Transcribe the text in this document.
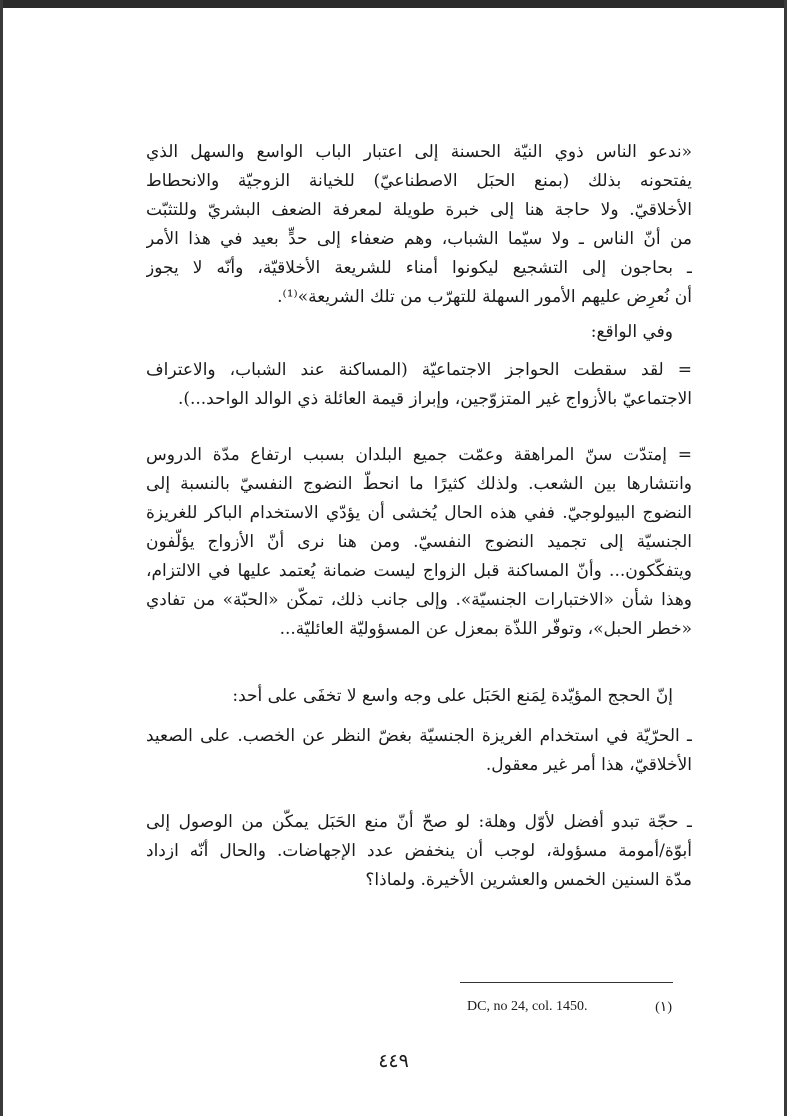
«ندعو الناس ذوي النيّة الحسنة إلى اعتبار الباب الواسع والسهل الذي
يفتحونه بذلك (بمنع الحبَل الاصطناعيّ) للخيانة الزوجيّة والانحطاط
الأخلاقيّ. ولا حاجة هنا إلى خبرة طويلة لمعرفة الضعف البشريّ وللتثبّت
من أنّ الناس ـ ولا سيّما الشباب، وهم ضعفاء إلى حدٍّ بعيد في هذا الأمر
ـ بحاجون إلى التشجيع ليكونوا أمناء للشريعة الأخلاقيّة، وأنّه لا يجوز
أن نُعرِض عليهم الأمور السهلة للتهرّب من تلك الشريعة»⁽¹⁾.
وفي الواقع:
= لقد سقطت الحواجز الاجتماعيّة (المساكنة عند الشباب، والاعتراف
الاجتماعيّ بالأزواج غير المتزوّجين، وإبراز قيمة العائلة ذي الوالد الواحد...).
= إمتدّت سنّ المراهقة وعمّت جميع البلدان بسبب ارتفاع مدّة الدروس
وانتشارها بين الشعب. ولذلك كثيرًا ما انحطّ النضوج النفسيّ بالنسبة إلى
النضوج البيولوجيّ. ففي هذه الحال يُخشى أن يؤدّي الاستخدام الباكر للغريزة
الجنسيّة إلى تجميد النضوج النفسيّ. ومن هنا نرى أنّ الأزواج يؤلّفون
ويتفكّكون... وأنّ المساكنة قبل الزواج ليست ضمانة يُعتمد عليها في الالتزام،
وهذا شأن «الاختبارات الجنسيّة». وإلى جانب ذلك، تمكّن «الحبّة» من تفادي
«خطر الحبل»، وتوفّر اللذّة بمعزل عن المسؤوليّة العائليّة...
إنّ الحجج المؤيّدة لِمَنع الحَبَل على وجه واسع لا تخفَى على أحد:
ـ الحرّيّة في استخدام الغريزة الجنسيّة بغضّ النظر عن الخصب. على الصعيد
الأخلاقيّ، هذا أمر غير معقول.
ـ حجّة تبدو أفضل لأوّل وهلة: لو صحّ أنّ منع الحَبَل يمكّن من الوصول إلى
أبوّة/أمومة مسؤولة، لوجب أن ينخفض عدد الإجهاضات. والحال أنّه ازداد
مدّة السنين الخمس والعشرين الأخيرة. ولماذا؟
DC, no 24, col. 1450.	(١)
٤٤٩
